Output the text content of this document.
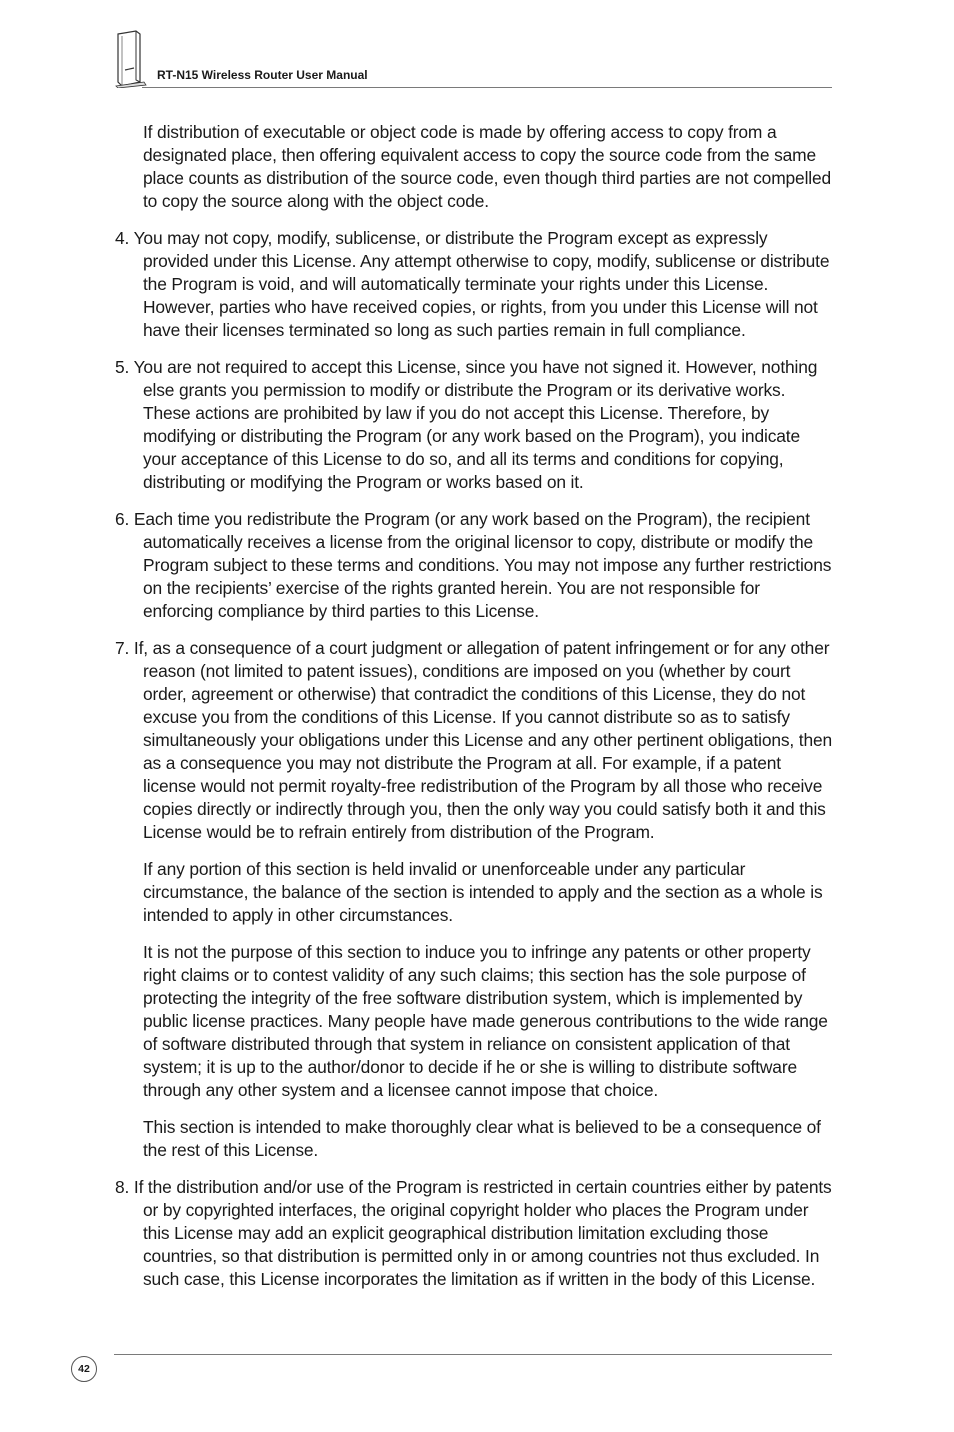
RT-N15 Wireless Router User Manual

If distribution of executable or object code is made by offering access to copy from a designated place, then offering equivalent access to copy the source code from the same place counts as distribution of the source code, even though third parties are not compelled to copy the source along with the object code.

4. You may not copy, modify, sublicense, or distribute the Program except as expressly provided under this License. Any attempt otherwise to copy, modify, sublicense or distribute the Program is void, and will automatically terminate your rights under this License. However, parties who have received copies, or rights, from you under this License will not have their licenses terminated so long as such parties remain in full compliance.

5. You are not required to accept this License, since you have not signed it. However, nothing else grants you permission to modify or distribute the Program or its derivative works. These actions are prohibited by law if you do not accept this License. Therefore, by modifying or distributing the Program (or any work based on the Program), you indicate your acceptance of this License to do so, and all its terms and conditions for copying, distributing or modifying the Program or works based on it.

6. Each time you redistribute the Program (or any work based on the Program), the recipient automatically receives a license from the original licensor to copy, distribute or modify the Program subject to these terms and conditions. You may not impose any further restrictions on the recipients’ exercise of the rights granted herein. You are not responsible for enforcing compliance by third parties to this License.

7. If, as a consequence of a court judgment or allegation of patent infringement or for any other reason (not limited to patent issues), conditions are imposed on you (whether by court order, agreement or otherwise) that contradict the conditions of this License, they do not excuse you from the conditions of this License. If you cannot distribute so as to satisfy simultaneously your obligations under this License and any other pertinent obligations, then as a consequence you may not distribute the Program at all. For example, if a patent license would not permit royalty-free redistribution of the Program by all those who receive copies directly or indirectly through you, then the only way you could satisfy both it and this License would be to refrain entirely from distribution of the Program.

If any portion of this section is held invalid or unenforceable under any particular circumstance, the balance of the section is intended to apply and the section as a whole is intended to apply in other circumstances.

It is not the purpose of this section to induce you to infringe any patents or other property right claims or to contest validity of any such claims; this section has the sole purpose of protecting the integrity of the free software distribution system, which is implemented by public license practices. Many people have made generous contributions to the wide range of software distributed through that system in reliance on consistent application of that system; it is up to the author/donor to decide if he or she is willing to distribute software through any other system and a licensee cannot impose that choice.

This section is intended to make thoroughly clear what is believed to be a consequence of the rest of this License.

8. If the distribution and/or use of the Program is restricted in certain countries either by patents or by copyrighted interfaces, the original copyright holder who places the Program under this License may add an explicit geographical distribution limitation excluding those countries, so that distribution is permitted only in or among countries not thus excluded. In such case, this License incorporates the limitation as if written in the body of this License.

42
